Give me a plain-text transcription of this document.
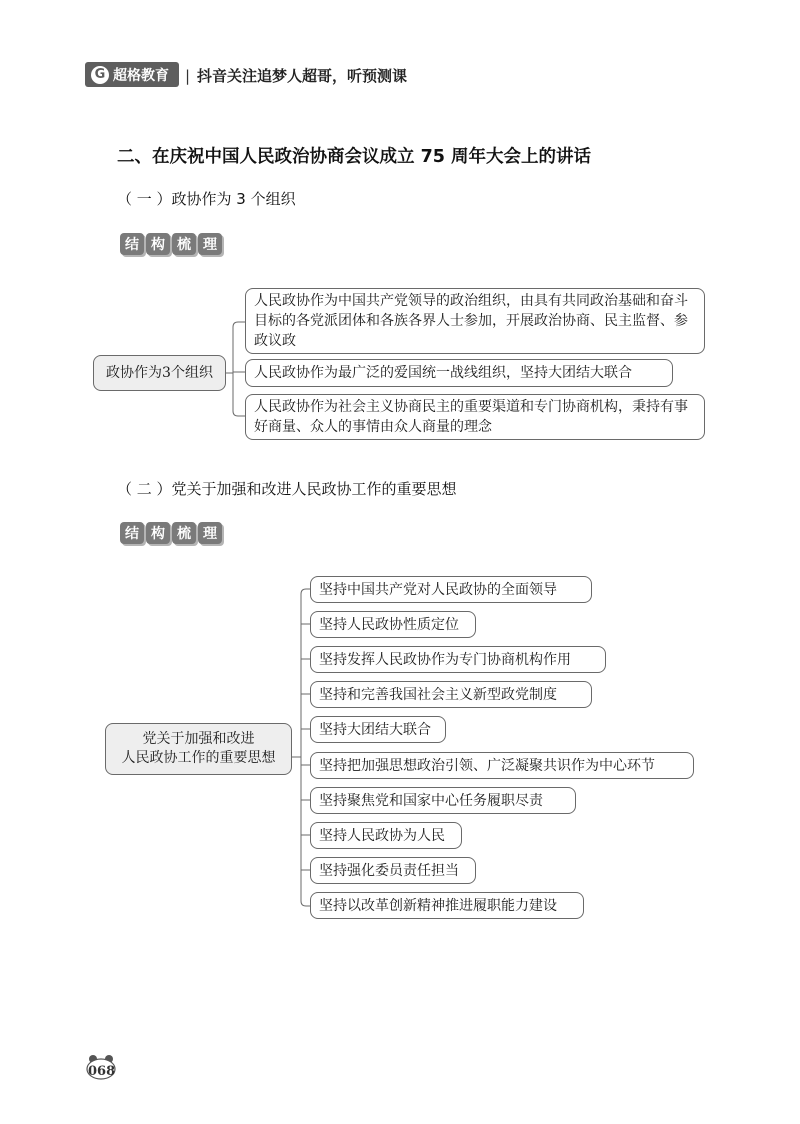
G 超格教育 | 抖音关注追梦人超哥，听预测课
二、在庆祝中国人民政治协商会议成立 75 周年大会上的讲话
（ 一 ）政协作为 3 个组织
结 构 梳 理
政协作为3个组织
人民政协作为中国共产党领导的政治组织，由具有共同政治基础和奋斗目标的各党派团体和各族各界人士参加，开展政治协商、民主监督、参政议政
人民政协作为最广泛的爱国统一战线组织，坚持大团结大联合
人民政协作为社会主义协商民主的重要渠道和专门协商机构，秉持有事好商量、众人的事情由众人商量的理念
（ 二 ）党关于加强和改进人民政协工作的重要思想
结 构 梳 理
党关于加强和改进
人民政协工作的重要思想
坚持中国共产党对人民政协的全面领导
坚持人民政协性质定位
坚持发挥人民政协作为专门协商机构作用
坚持和完善我国社会主义新型政党制度
坚持大团结大联合
坚持把加强思想政治引领、广泛凝聚共识作为中心环节
坚持聚焦党和国家中心任务履职尽责
坚持人民政协为人民
坚持强化委员责任担当
坚持以改革创新精神推进履职能力建设
068
